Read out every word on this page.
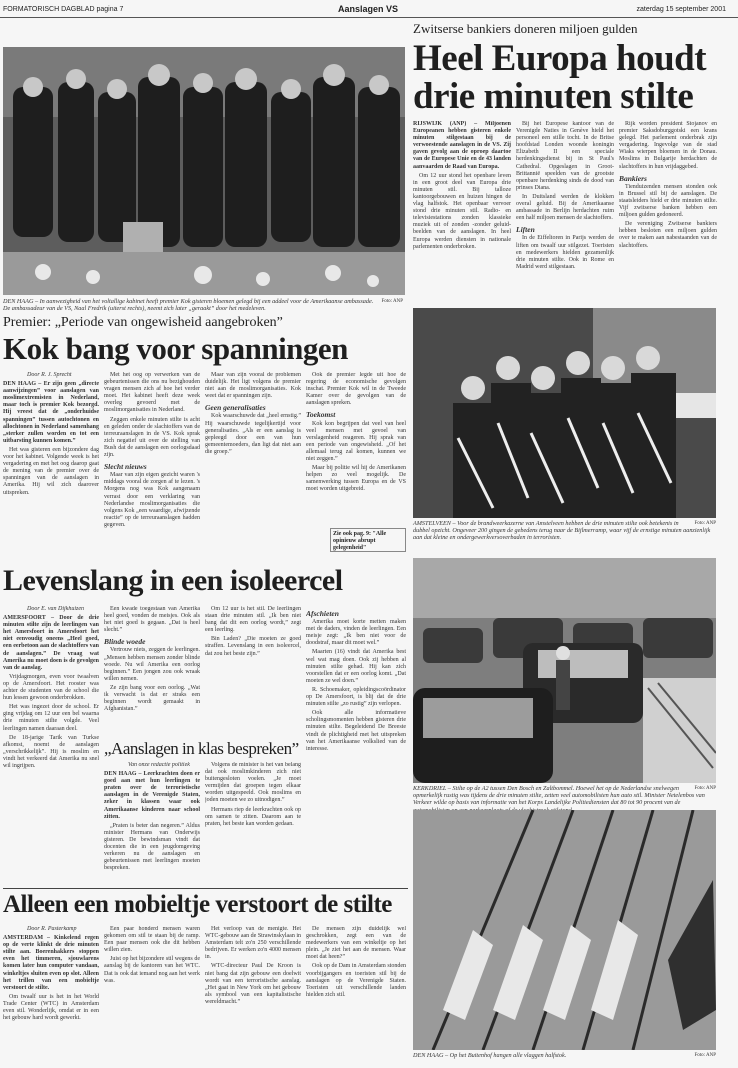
FORMATORISCH DAGBLAD pagina 7	Aanslagen VS	zaterdag 15 september 2001
Foto: ANP
DEN HAAG – In aanwezigheid van het voltallige kabinet heeft premier Kok gisteren bloemen gelegd bij een addeel voor de Amerikaanse ambassade. De ambassadeur van de VS, Naal Fredrik (uiterst rechts), neemt zich later „geraakt” door het medeleven.
Zwitserse bankiers doneren miljoen gulden
Heel Europa houdt drie minuten stilte

RIJSWIJK (ANP) – Miljoenen Europeanen hebben gisteren enkele minuten stilgestaan bij de verwoestende aanslagen in de VS. Zij gaven gevolg aan de oproep daartoe van de Europese Unie en de 43 landen aanvaarden de Raad van Europa.

Om 12 uur stond het openbare leven in een groot deel van Europa drie minuten stil. Bij talloze kantoorgebouwen en huizen hingen de vlag halfstok. Het openbaar vervoer stond drie minuten stil. Radio- en televisiestations zonden klassieke muziek uit of zonden -zonder geluid- beelden van de aanslagen. In heel Europa werden diensten in nationale parlementen onderbroken.

Bij het Europese kantoor van de Verenigde Naties in Genève hield het personeel een stille tocht. In de Britse hoofdstad Londen woonde koningin Elizabeth II een speciale herdenkingsdienst bij in St Paul's Cathedral. Opgeslagen in Groot-Brittannië speelden van de grootste openbare herdenking sinds de dood van prinses Diana.

In Duitsland werden de klokken overal geluid. Bij de Amerikaanse ambassade in Berlijn herdachten ruim een half miljoen mensen de slachtoffers.

Liften

In de Eiffeltoren in Parijs werden de liften om twaalf uur stilgezet. Toeristen en medewerkers hielden gezamenlijk drie minuten stilte. Ook in Rome en Madrid werd stilgestaan.

Rijk worden president Stojanov en premier Saksdoburggotski een krans gelegd. Het parlement onderbrak zijn vergadering. Ingevolge van de stad Wiaks wierpen bloemen in de Donau. Moslims in Bulgarije herdachten de slachtoffers in hun vrijdaggebed.

Bankiers

Tienduizenden mensen stonden ook in Brussel stil bij de aanslagen. De staatsleiders hield er drie minuten stilte. Vijf zwitserse banken hebben een miljoen gulden gedoneerd.

De vereniging Zwitserse bankiers hebben besloten een miljoen gulden over te maken aan nabestaanden van de slachtoffers.

Premier: „Periode van ongewisheid aangebroken”
Kok bang voor spanningen

Door R. J. Sprecht

DEN HAAG – Er zijn geen „directe aanwijzingen” voor aanslagen van moslimextremisten in Nederland, maar toch is premier Kok bezorgd. Hij vreest dat de „onderhuidse spanningen” tussen autochtonen en allochtonen in Nederland samenhang „sterker zullen worden en tot een uitbarsting kunnen komen.”

Het was gisteren een bijzondere dag voor het kabinet. Volgende week is het vergadering en met het oog daarop gaat de mening van de premier over de spanningen van de aanslagen in Amerika. Hij wil zich daarover uitspreken.

Met het oog op verwerken van de gebeurtenissen die ons nu bezighouden vragen mensen zich af hoe het verder moet. Het kabinet heeft deze week overleg gevoerd met de moslimorganisaties in Nederland.

Zeggen enkele minuten stilte is acht en geleden onder de slachtoffers van de terreuraanslagen in de VS. Kok sprak zich negatief uit over de stelling van Bush dat de aanslagen een oorlogsdaad zijn.

Slecht nieuws

Maar van zijn eigen gezicht waren 's middags vooral de zorgen af te lezen. 's Morgens nog was Kok aangenaam verrast door een verklaring van Nederlandse moslimorganisaties die volgens Kok „een waardige, afwijzende reactie” op de terreuraanslagen hadden gegeven.

Maar van zijn vooral de problemen duidelijk. Het ligt volgens de premier niet aan de moslimorganisaties. Kok weet dat er spanningen zijn.

Geen generalisaties

Kok waarschuwde dat „heel ernstig.” Hij waarschuwde tegelijkertijd voor generalisaties. „Als er een aanslag is gepleegd door een van hun gemeentemoeders, dan ligt dat niet aan die groep.”

Ook de premier legde uit hoe de regering de economische gevolgen inschat. Premier Kok wil in de Tweede Kamer over de gevolgen van de aanslagen spreken.

Toekomst

Kok kon begrijpen dat veel van heel veel mensen met gevoel van verslagenheid reageren. Hij sprak van een periode van ongewisheid. „Of het allemaal terug zal komen, kunnen we niet zeggen.”

Maar bij politie wil hij de Amerikanen helpen zo veel mogelijk. De samenwerking tussen Europa en de VS moet worden uitgebreid.

Zie ook pag. 9: "Alle opinieuw abrupt gelegenheid"
Foto: ANP
AMSTELVEEN – Voor de brandweerkazerne van Amstelveen hebben de drie minuten stilte ook betekenis in dubbel opzicht. Ongeveer 200 gingen de gebedens terug naar de Bijlmerramp, waar vijf de ernstige minuten aanzienlijk aan dat kleine en ondergewerkversoverbaden in terroristen.
Levenslang in een isoleercel

Door E. van Dijkhuizen

AMERSFOORT – Door de drie minuten stilte zijn de leerlingen van het Amersfoort in Amersfoort het niet eenvoudig oneens „Heel goed, een eerbetoon aan de slachtoffers van de aanslagen.” De vraag wat Amerika nu moet doen is de gevolgen van de aanslag.

Vrijdagmorgen, even voor twaalven op de Amersfoort. Het rooster was achter de studenten van de school die hun lessen gewoon onderbrokken.

Het was ingezet door de school. Er ging vrijdag om 12 uur een bel waarna drie minuten stilte volgde. Veel leerlingen namen daaraan deel.

De 18-jarige Tarik van Turkse afkomst, noemt de aanslagen „verschrikkelijk”. Hij is moslim en vindt het verkeerd dat Amerika nu snel wil ingrijpen.

Een kwade toegestaan van Amerika heel goed, vonden de meisjes. Ook als het niet goed is gegaan. „Dat is heel slecht.”

Blinde woede

Vertrouw niets, zeggen de leerlingen. „Mensen hebben mensen zonder blinde woede. Nu wil Amerika een oorlog beginnen.” Een jongen zou ook wraak willen nemen.

Ze zijn bang voor een oorlog. „Wat ik verwacht is dat er straks een beginnen wordt gemaakt in Afghanistan.”

Om 12 uur is het stil. De leerlingen staan drie minuten stil. „Ik ben niet bang dat dit een oorlog wordt,” zegt een leerling.

Bin Laden? „Die moeten ze goed straffen. Levenslang in een isoleercel, dat zou het beste zijn.”

Afschieten

Amerika moet korte metten maken met de daders, vinden de leerlingen. Een meisje zegt: „Ik ben niet voor de doodstraf, maar dit moet wel.”

Maarten (16) vindt dat Amerika best wel wat mag doen. Ook zij hebben al minuten stilte gehad. Hij kan zich voorstellen dat er een oorlog komt. „Dat moeten ze wel doen.”

R. Schoemaker, opleidingscoördinator op De Amersfoort, is blij dat de drie minuten stilte „zo rustig” zijn verlopen.

Ook alle informatieve scholingsmomenten hebben gisteren drie minuten stilte. Begeleidend De Breeste vindt de plichtigheid met het uitspreken van het Amerikaanse volkslied van de interesse.

„Aanslagen in klas bespreken”

Van onze redactie politiek

DEN HAAG – Leerkrachten doen er goed aan met hun leerlingen te praten over de terroristische aanslagen in de Verenigde Staten, zeker in klassen waar ook Amerikaanse kinderen naar school zitten.

„Praten is beter dan negeren.” Aldus minister Hermans van Onderwijs gisteren. De bewindsman vindt dat docenten die in een jeugdomgeving verkeren nu de aanslagen en gebeurtenissen met leerlingen moeten bespreken.

Volgens de minister is het van belang dat ook moslimkinderen zich niet buitengesloten voelen. „Je moet vermijden dat groepen tegen elkaar worden uitgespeeld. Ook moslims en joden moeten we zo uitnodigen.”

Hermans riep de leerkrachten ook op om samen te zitten. Daarom aan te praten, het beste kan worden gedaan.

Foto: ANP
KERKDRIEL – Stilte op de A2 tussen Den Bosch en Zaltbommel. Hoewel het op de Nederlandse snelwegen opmerkelijk rustig was tijdens de drie minuten stilte, zetten veel automobilisten hun auto stil. Minister Netelenbos van Verkeer wilde op basis van informatie van het Korps Landelijke Politiediensten dat 80 tot 90 procent van de
Alleen een mobieltje verstoort de stilte

Door R. Pasterkamp

AMSTERDAM – Kinkelend regen op de verte klinkt de drie minuten stilte aan. Boerenhakkers stoppen even het timmeren, sjouwlarens komen later hun computer vandaan, winkeltjes sluiten even op slot. Alleen het trillen van een mobieltje verstoort de stilte.

Om twaalf uur is het in het World Trade Center (WTC) in Amsterdam even stil. Wonderlijk, omdat er in een het gebouw hard wordt gewerkt.

Een paar honderd mensen waren gekomen om stil te staan bij de ramp. Een paar mensen ook die dit hebben willen zien.

Juist op het bijzondere stil wegens de aanslag bij de kantoren van het WTC. Dat is ook dat iemand nog aan het werk was.

Het verloop van de menigte. Het WTC-gebouw aan de Strawinskylaan in Amsterdam telt zo'n 250 verschillende bedrijven. Er werken zo'n 4000 mensen in.

WTC-directeur Paul De Kroon is niet bang dat zijn gebouw een doelwit wordt van een terroristische aanslag. „Het gaat in New York om het gebouw als symbool van een kapitalistische wereldmacht.”

De mensen zijn duidelijk wel geschrokken, zegt een van de medewerkers van een winkeltje op het plein. „Je ziet het aan de mensen. Waar moet dat heen?”

Ook op de Dam in Amsterdam stonden voorbijgangers en toeristen stil bij de aanslagen op de Verenigde Staten. Toeristen uit verschillende landen hielden zich stil.

Foto: ANP
DEN HAAG – Op het Buitenhof hangen alle vlaggen halfstok.
